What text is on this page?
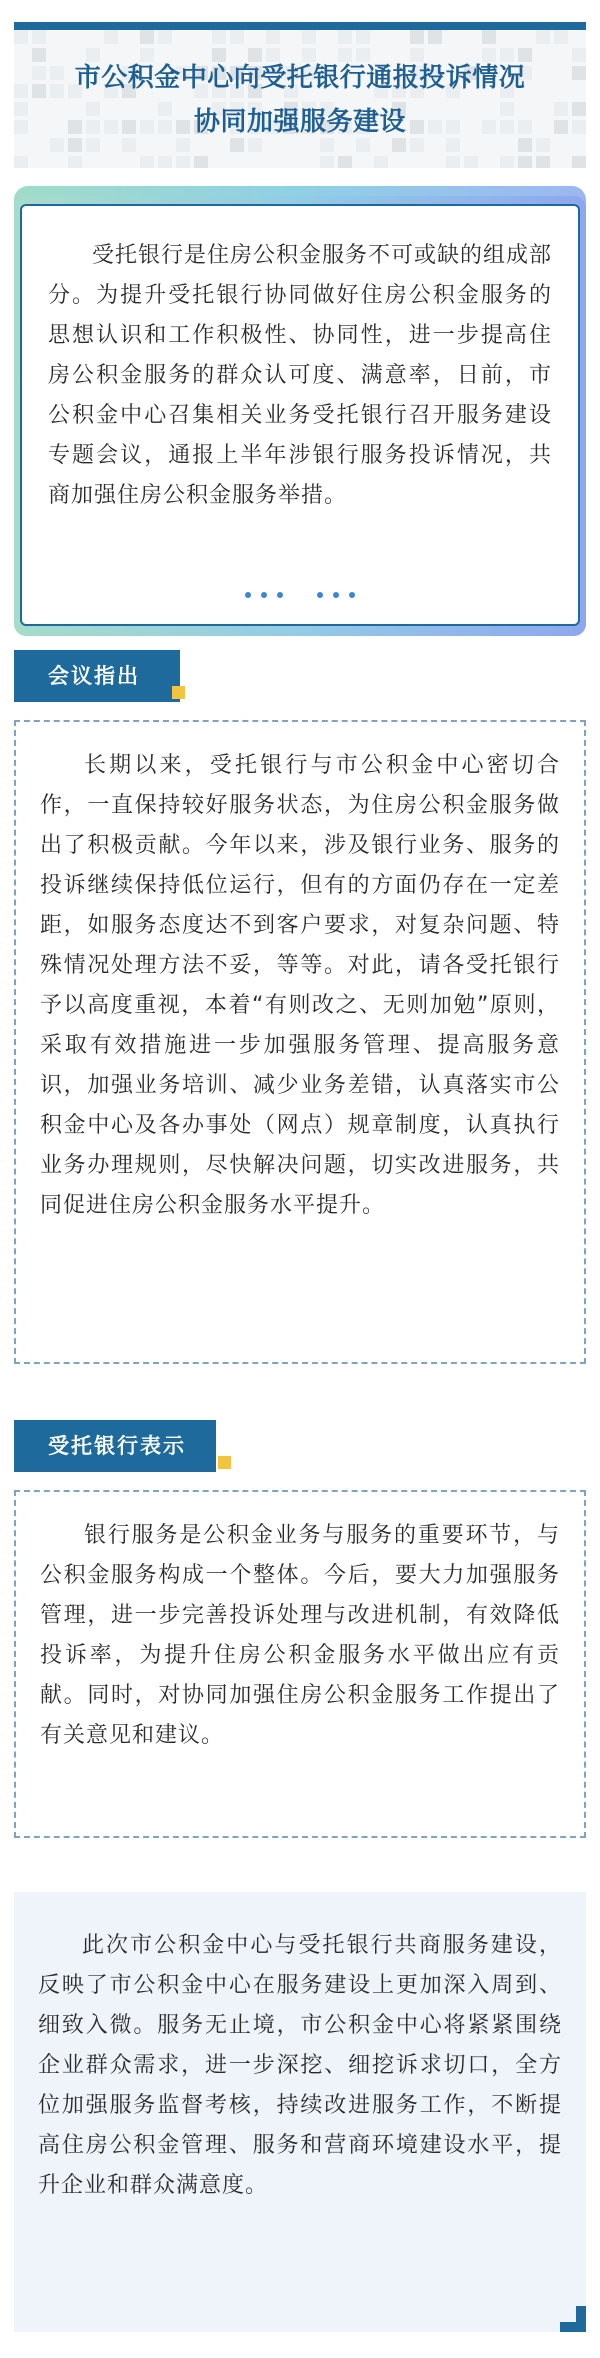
市公积金中心向受托银行通报投诉情况
协同加强服务建设

受托银行是住房公积金服务不可或缺的组成部分。为提升受托银行协同做好住房公积金服务的思想认识和工作积极性、协同性，进一步提高住房公积金服务的群众认可度、满意率，日前，市公积金中心召集相关业务受托银行召开服务建设专题会议，通报上半年涉银行服务投诉情况，共商加强住房公积金服务举措。

会议指出

长期以来，受托银行与市公积金中心密切合作，一直保持较好服务状态，为住房公积金服务做出了积极贡献。今年以来，涉及银行业务、服务的投诉继续保持低位运行，但有的方面仍存在一定差距，如服务态度达不到客户要求，对复杂问题、特殊情况处理方法不妥，等等。对此，请各受托银行予以高度重视，本着“有则改之、无则加勉”原则，采取有效措施进一步加强服务管理、提高服务意识，加强业务培训、减少业务差错，认真落实市公积金中心及各办事处（网点）规章制度，认真执行业务办理规则，尽快解决问题，切实改进服务，共同促进住房公积金服务水平提升。

受托银行表示

银行服务是公积金业务与服务的重要环节，与公积金服务构成一个整体。今后，要大力加强服务管理，进一步完善投诉处理与改进机制，有效降低投诉率，为提升住房公积金服务水平做出应有贡献。同时，对协同加强住房公积金服务工作提出了有关意见和建议。

此次市公积金中心与受托银行共商服务建设，反映了市公积金中心在服务建设上更加深入周到、细致入微。服务无止境，市公积金中心将紧紧围绕企业群众需求，进一步深挖、细挖诉求切口，全方位加强服务监督考核，持续改进服务工作，不断提高住房公积金管理、服务和营商环境建设水平，提升企业和群众满意度。
